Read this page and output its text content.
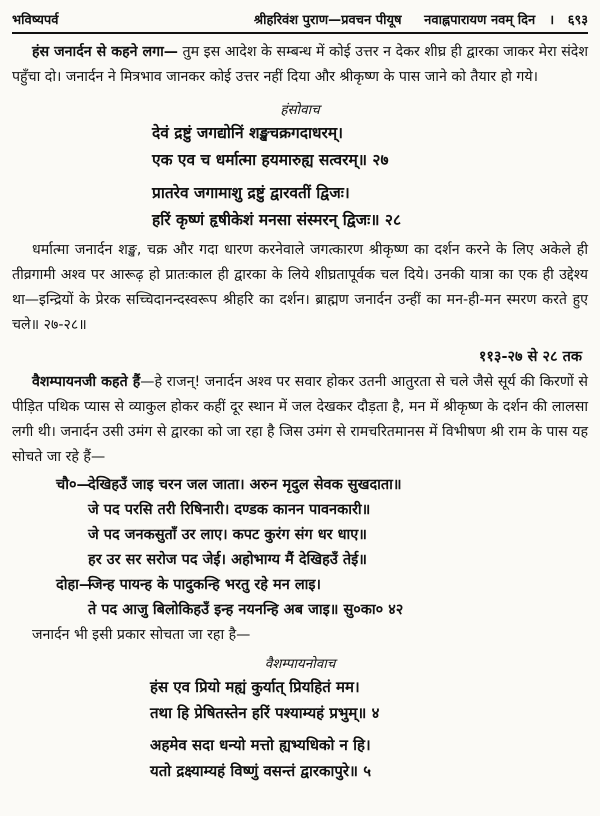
भविष्यपर्व	श्रीहरिवंश पुराण—प्रवचन पीयूष नवाह्नपारायण नवम् दिन	। ६९३

हंस जनार्दन से कहने लगा— तुम इस आदेश के सम्बन्ध में कोई उत्तर न देकर शीघ्र ही द्वारका जाकर मेरा संदेश पहुँचा दो। जनार्दन ने मित्रभाव जानकर कोई उत्तर नहीं दिया और श्रीकृष्ण के पास जाने को तैयार हो गये।

हंसोवाच
देवं द्रष्टुं जगद्योनिं शङ्खचक्रगदाधरम्।
एक एव च धर्मात्मा हयमारुह्य सत्वरम्॥ २७
प्रातरेव जगामाशु द्रष्टुं द्वारवतीं द्विजः।
हरिं कृष्णं हृषीकेशं मनसा संस्मरन् द्विजः॥ २८

धर्मात्मा जनार्दन शङ्ख, चक्र और गदा धारण करनेवाले जगत्कारण श्रीकृष्ण का दर्शन करने के लिए अकेले ही तीव्रगामी अश्व पर आरूढ़ हो प्रातःकाल ही द्वारका के लिये शीघ्रतापूर्वक चल दिये। उनकी यात्रा का एक ही उद्देश्य था—इन्द्रियों के प्रेरक सच्चिदानन्दस्वरूप श्रीहरि का दर्शन। ब्राह्मण जनार्दन उन्हीं का मन-ही-मन स्मरण करते हुए चले॥ २७-२८॥

११३-२७ से २८ तक

वैशम्पायनजी कहते हैं—हे राजन्! जनार्दन अश्व पर सवार होकर उतनी आतुरता से चले जैसे सूर्य की किरणों से पीड़ित पथिक प्यास से व्याकुल होकर कहीं दूर स्थान में जल देखकर दौड़ता है, मन में श्रीकृष्ण के दर्शन की लालसा लगी थी। जनार्दन उसी उमंग से द्वारका को जा रहा है जिस उमंग से रामचरितमानस में विभीषण श्री राम के पास यह सोचते जा रहे हैं—

चौ०—
देखिहउँ जाइ चरन जल जाता। अरुन मृदुल सेवक सुखदाता॥
जे पद परसि तरी रिषिनारी। दण्डक कानन पावनकारी॥
जे पद जनकसुताँ उर लाए। कपट कुरंग संग धर धाए॥
हर उर सर सरोज पद जेई। अहोभाग्य मैं देखिहउँ तेई॥
दोहा—
जिन्ह पायन्ह के पादुकन्हि भरतु रहे मन लाइ।
ते पद आजु बिलोकिहउँ इन्ह नयनन्हि अब जाइ॥ सु०का० ४२

जनार्दन भी इसी प्रकार सोचता जा रहा है—

वैशम्पायनोवाच
हंस एव प्रियो मह्यं कुर्यात् प्रियहितं मम।
तथा हि प्रेषितस्तेन हरिं पश्याम्यहं प्रभुम्॥ ४
अहमेव सदा धन्यो मत्तो ह्यभ्यधिको न हि।
यतो द्रक्ष्याम्यहं विष्णुं वसन्तं द्वारकापुरे॥ ५
